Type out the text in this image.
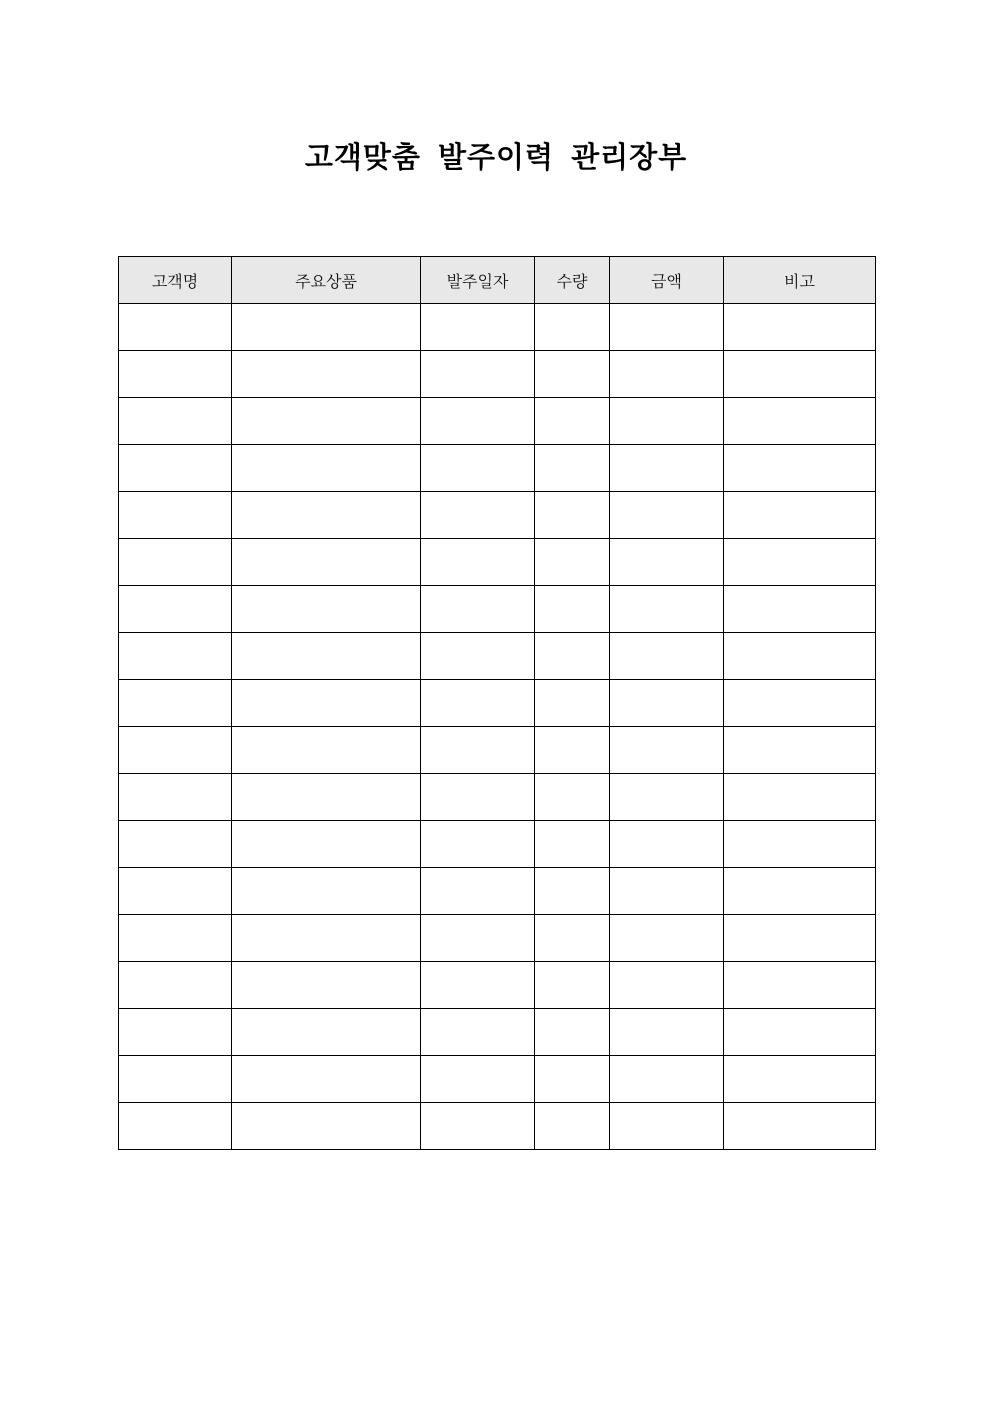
고객맞춤 발주이력 관리장부
고객명	주요상품	발주일자	수량	금액	비고
